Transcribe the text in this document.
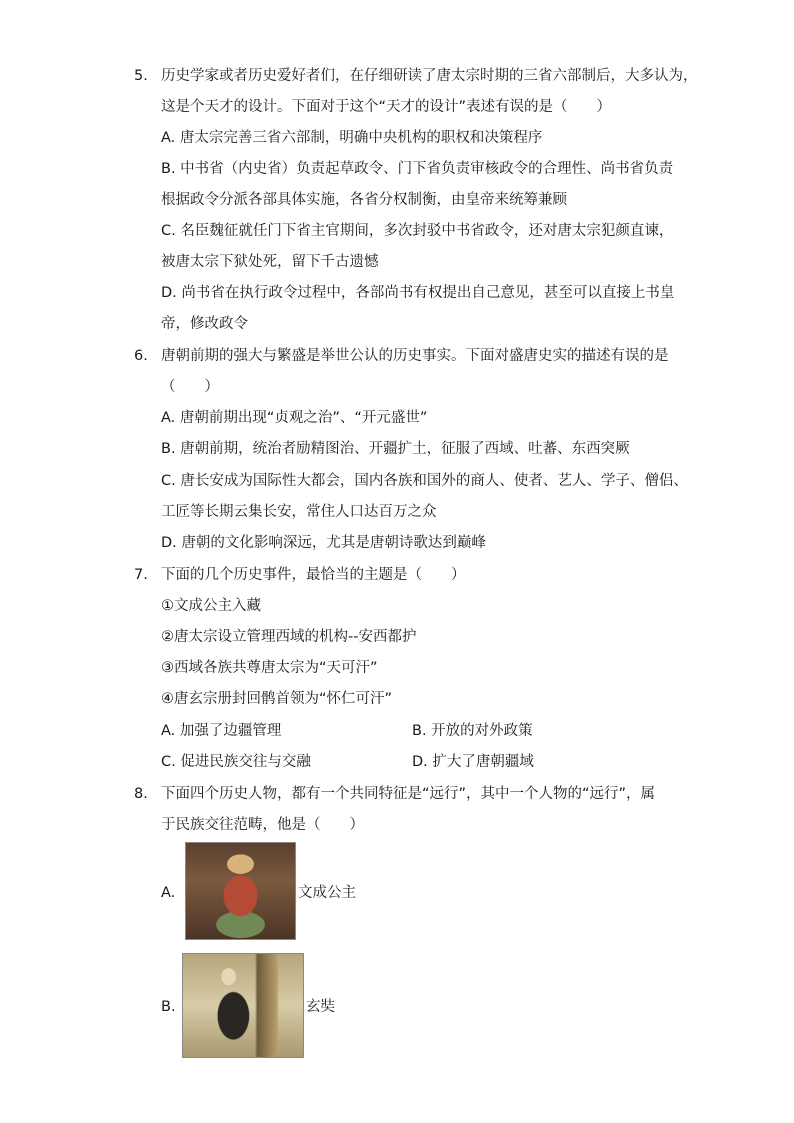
5. 历史学家或者历史爱好者们，在仔细研读了唐太宗时期的三省六部制后，大多认为，
这是个天才的设计。下面对于这个“天才的设计”表述有误的是（　　）
A. 唐太宗完善三省六部制，明确中央机构的职权和决策程序
B. 中书省（内史省）负责起草政令、门下省负责审核政令的合理性、尚书省负责
根据政令分派各部具体实施，各省分权制衡，由皇帝来统筹兼顾
C. 名臣魏征就任门下省主官期间，多次封驳中书省政令，还对唐太宗犯颜直谏，
被唐太宗下狱处死，留下千古遗憾
D. 尚书省在执行政令过程中，各部尚书有权提出自己意见，甚至可以直接上书皇
帝，修改政令
6. 唐朝前期的强大与繁盛是举世公认的历史事实。下面对盛唐史实的描述有误的是
（　　）
A. 唐朝前期出现“贞观之治”、“开元盛世”
B. 唐朝前期，统治者励精图治、开疆扩土，征服了西域、吐蕃、东西突厥
C. 唐长安成为国际性大都会，国内各族和国外的商人、使者、艺人、学子、僧侣、
工匠等长期云集长安，常住人口达百万之众
D. 唐朝的文化影响深远，尤其是唐朝诗歌达到巅峰
7. 下面的几个历史事件，最恰当的主题是（　　）
①文成公主入藏
②唐太宗设立管理西域的机构--安西都护
③西域各族共尊唐太宗为“天可汗”
④唐玄宗册封回鹘首领为“怀仁可汗”
A. 加强了边疆管理	B. 开放的对外政策
C. 促进民族交往与交融	D. 扩大了唐朝疆域
8. 下面四个历史人物，都有一个共同特征是“远行”，其中一个人物的“远行”，属
于民族交往范畴，他是（　　）
A.	文成公主
B.	玄奘
